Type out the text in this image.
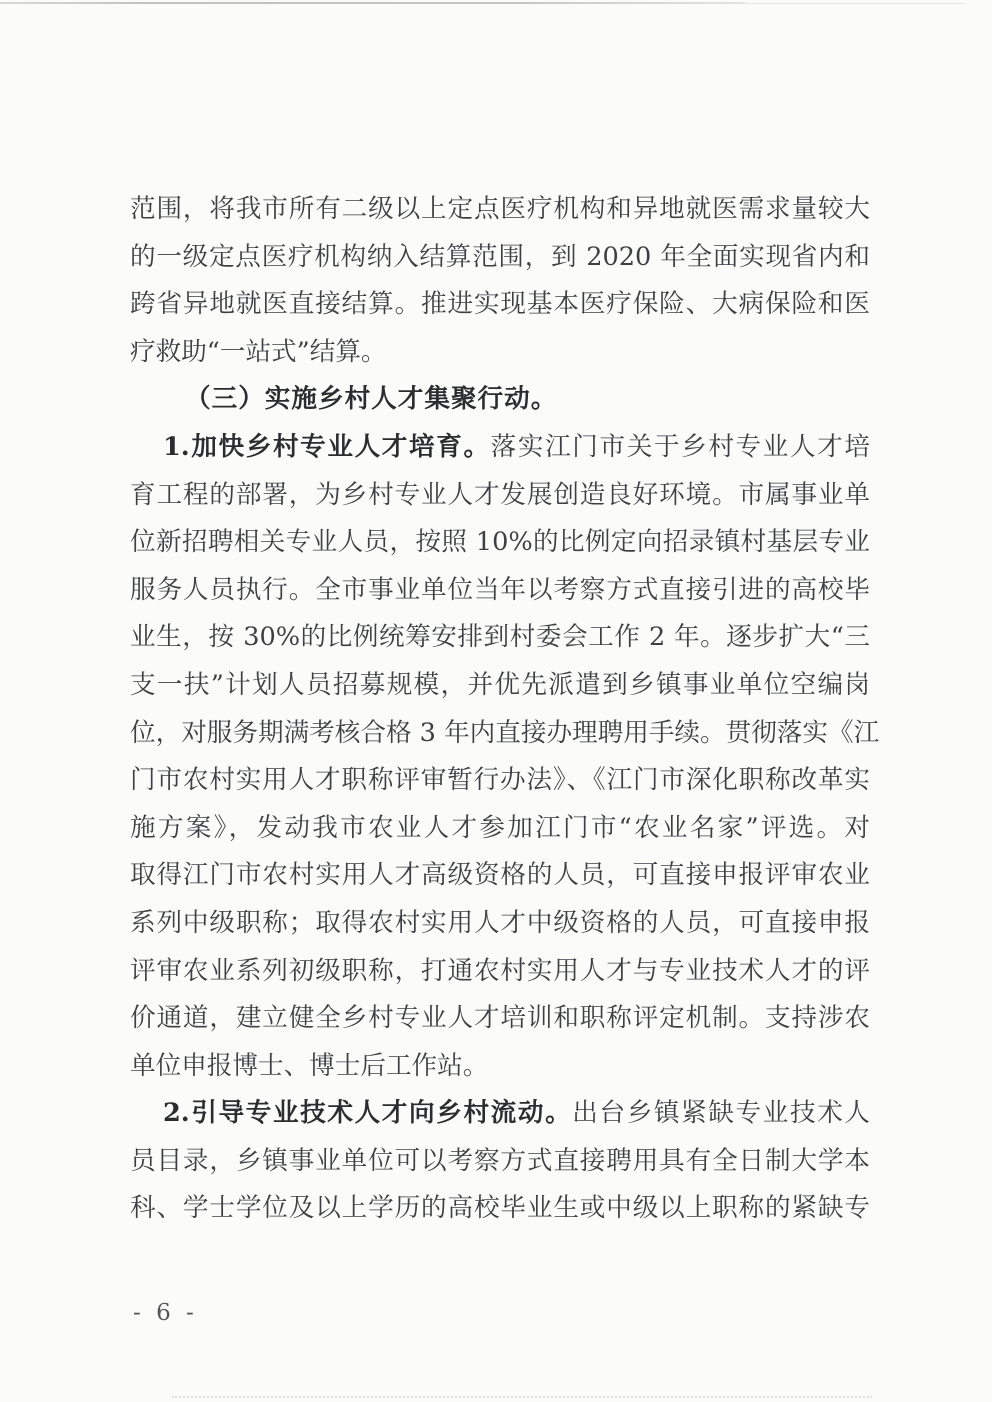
范围，将我市所有二级以上定点医疗机构和异地就医需求量较大
的一级定点医疗机构纳入结算范围，到 2020 年全面实现省内和
跨省异地就医直接结算。推进实现基本医疗保险、大病保险和医
疗救助“一站式”结算。
（三）实施乡村人才集聚行动。
1.加快乡村专业人才培育。落实江门市关于乡村专业人才培
育工程的部署，为乡村专业人才发展创造良好环境。市属事业单
位新招聘相关专业人员，按照 10%的比例定向招录镇村基层专业
服务人员执行。全市事业单位当年以考察方式直接引进的高校毕
业生，按 30%的比例统筹安排到村委会工作 2 年。逐步扩大“三
支一扶”计划人员招募规模，并优先派遣到乡镇事业单位空编岗
位，对服务期满考核合格 3 年内直接办理聘用手续。贯彻落实《江
门市农村实用人才职称评审暂行办法》、《江门市深化职称改革实
施方案》，发动我市农业人才参加江门市“农业名家”评选。对
取得江门市农村实用人才高级资格的人员，可直接申报评审农业
系列中级职称；取得农村实用人才中级资格的人员，可直接申报
评审农业系列初级职称，打通农村实用人才与专业技术人才的评
价通道，建立健全乡村专业人才培训和职称评定机制。支持涉农
单位申报博士、博士后工作站。
2.引导专业技术人才向乡村流动。出台乡镇紧缺专业技术人
员目录，乡镇事业单位可以考察方式直接聘用具有全日制大学本
科、学士学位及以上学历的高校毕业生或中级以上职称的紧缺专
- 6 -
